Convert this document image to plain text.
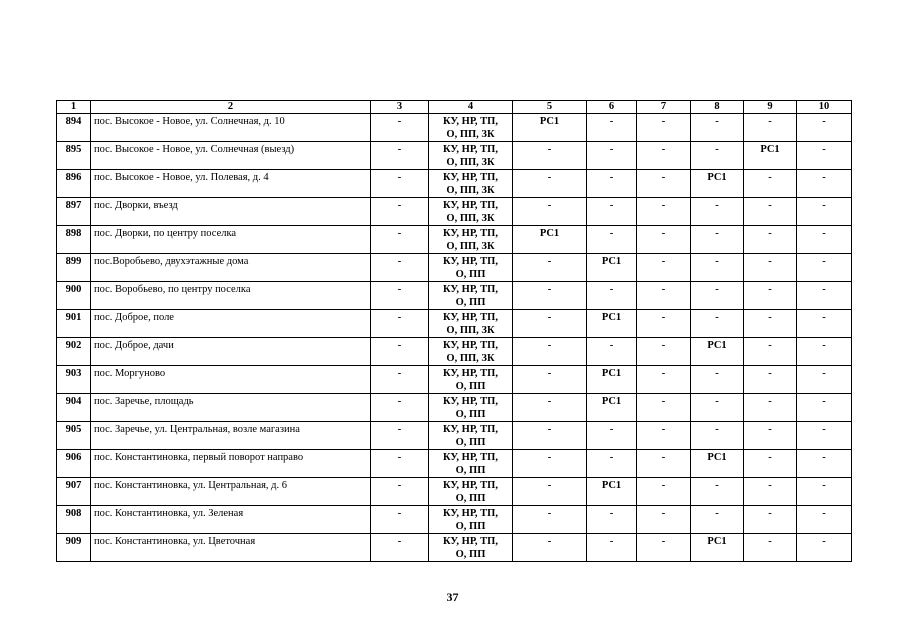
1	2	3	4	5	6	7	8	9	10
894	пос. Высокое - Новое, ул. Солнечная, д. 10	-	КУ, НР, ТП,
О, ПП, ЗК	РС1	-	-	-	-	-
895	пос. Высокое - Новое, ул. Солнечная (выезд)	-	КУ, НР, ТП,
О, ПП, ЗК	-	-	-	-	РС1	-
896	пос. Высокое - Новое, ул. Полевая, д. 4	-	КУ, НР, ТП,
О, ПП, ЗК	-	-	-	РС1	-	-
897	пос. Дворки, въезд	-	КУ, НР, ТП,
О, ПП, ЗК	-	-	-	-	-	-
898	пос. Дворки, по центру поселка	-	КУ, НР, ТП,
О, ПП, ЗК	РС1	-	-	-	-	-
899	пос.Воробьево, двухэтажные дома	-	КУ, НР, ТП,
О, ПП	-	РС1	-	-	-	-
900	пос. Воробьево, по центру поселка	-	КУ, НР, ТП,
О, ПП	-	-	-	-	-	-
901	пос. Доброе, поле	-	КУ, НР, ТП,
О, ПП, ЗК	-	РС1	-	-	-	-
902	пос. Доброе, дачи	-	КУ, НР, ТП,
О, ПП, ЗК	-	-	-	РС1	-	-
903	пос. Моргуново	-	КУ, НР, ТП,
О, ПП	-	РС1	-	-	-	-
904	пос. Заречье, площадь	-	КУ, НР, ТП,
О, ПП	-	РС1	-	-	-	-
905	пос. Заречье, ул. Центральная, возле магазина	-	КУ, НР, ТП,
О, ПП	-	-	-	-	-	-
906	пос. Константиновка, первый поворот направо	-	КУ, НР, ТП,
О, ПП	-	-	-	РС1	-	-
907	пос. Константиновка, ул. Центральная, д. 6	-	КУ, НР, ТП,
О, ПП	-	РС1	-	-	-	-
908	пос. Константиновка, ул. Зеленая	-	КУ, НР, ТП,
О, ПП	-	-	-	-	-	-
909	пос. Константиновка, ул. Цветочная	-	КУ, НР, ТП,
О, ПП	-	-	-	РС1	-	-
37
